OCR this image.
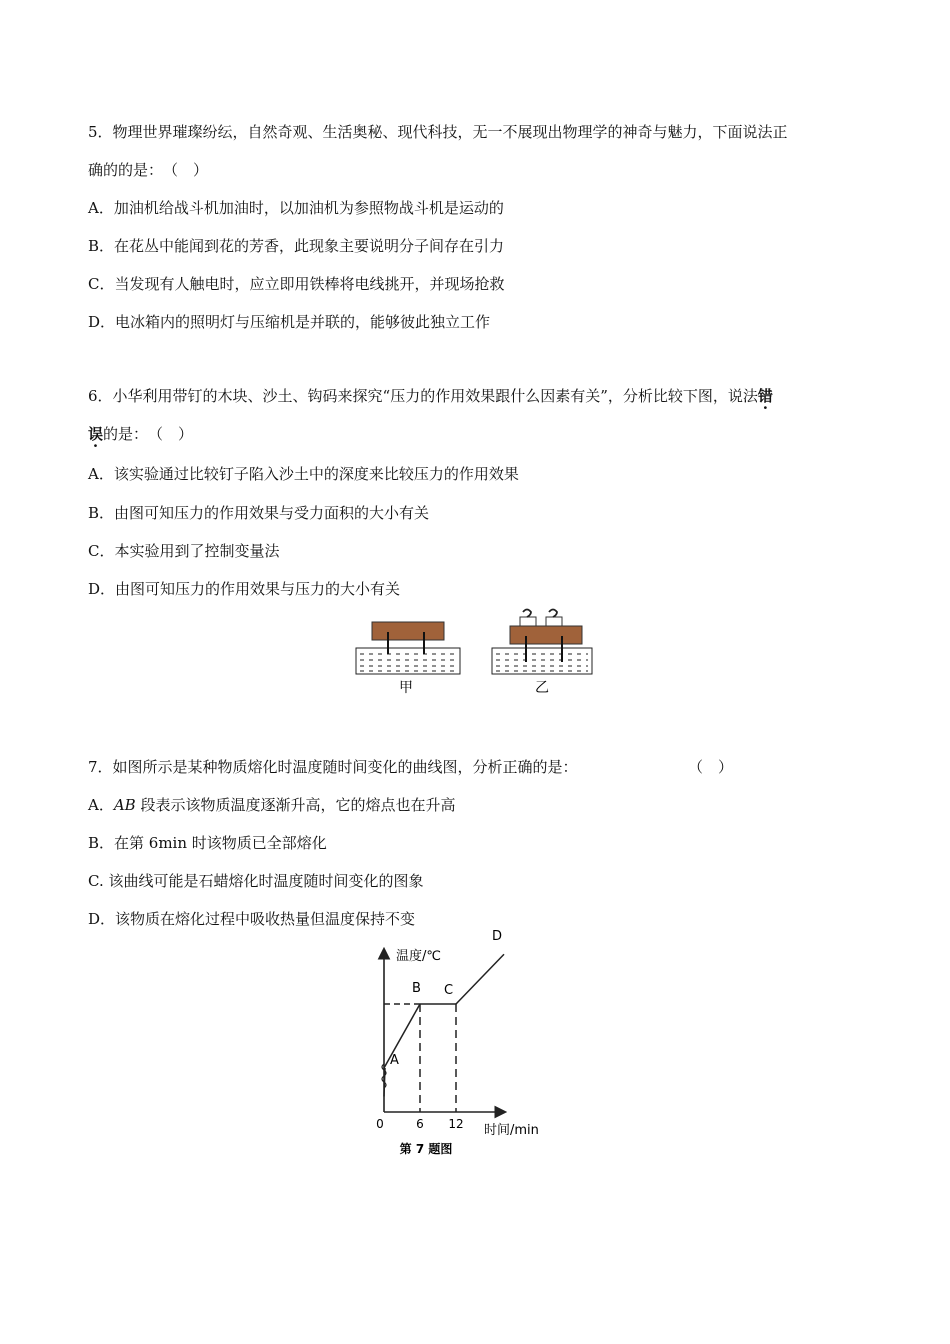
5．物理世界璀璨纷纭，自然奇观、生活奥秘、现代科技，无一不展现出物理学的神奇与魅力，下面说法正
确的的是：　（　）
A．加油机给战斗机加油时，以加油机为参照物战斗机是运动的
B．在花丛中能闻到花的芳香，此现象主要说明分子间存在引力
C．当发现有人触电时，应立即用铁棒将电线挑开，并现场抢救
D．电冰箱内的照明灯与压缩机是并联的，能够彼此独立工作
6．小华利用带钉的木块、沙土、钩码来探究“压力的作用效果跟什么因素有关”，分析比较下图，说法错
误的是：　（　）
A．该实验通过比较钉子陷入沙土中的深度来比较压力的作用效果
B．由图可知压力的作用效果与受力面积的大小有关
C．本实验用到了控制变量法
D．由图可知压力的作用效果与压力的大小有关
甲	乙
7．如图所示是某种物质熔化时温度随时间变化的曲线图，分析正确的是：	（　）
A．AB 段表示该物质温度逐渐升高，它的熔点也在升高
B．在第 6min 时该物质已全部熔化
C. 该曲线可能是石蜡熔化时温度随时间变化的图象
D．该物质在熔化过程中吸收热量但温度保持不变
温度/℃
时间/min
第 7 题图
A
B C
D
0	6 12
